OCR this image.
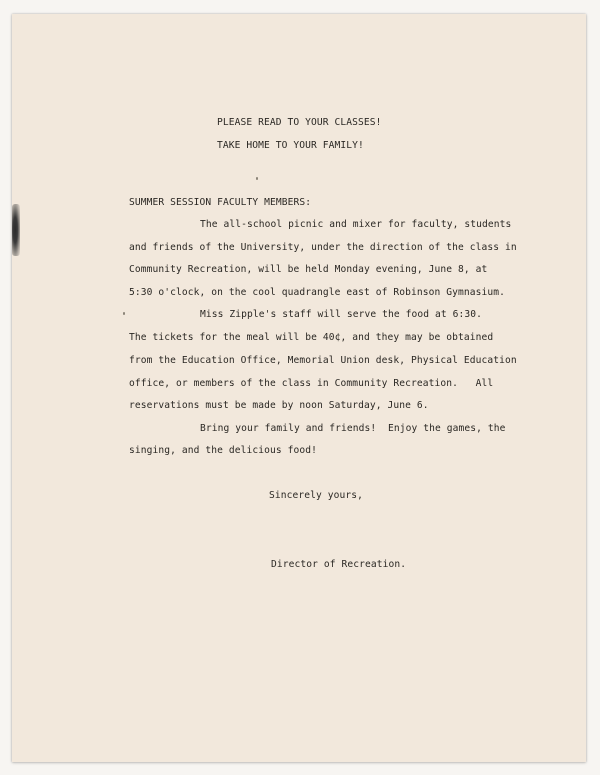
PLEASE READ TO YOUR CLASSES!

TAKE HOME TO YOUR FAMILY!

SUMMER SESSION FACULTY MEMBERS:

The all-school picnic and mixer for faculty, students

and friends of the University, under the direction of the class in

Community Recreation, will be held Monday evening, June 8, at

5:30 o'clock, on the cool quadrangle east of Robinson Gymnasium.

Miss Zipple's staff will serve the food at 6:30.

The tickets for the meal will be 40¢, and they may be obtained

from the Education Office, Memorial Union desk, Physical Education

office, or members of the class in Community Recreation.   All

reservations must be made by noon Saturday, June 6.

Bring your family and friends!  Enjoy the games, the

singing, and the delicious food!

Sincerely yours,

Director of Recreation.
